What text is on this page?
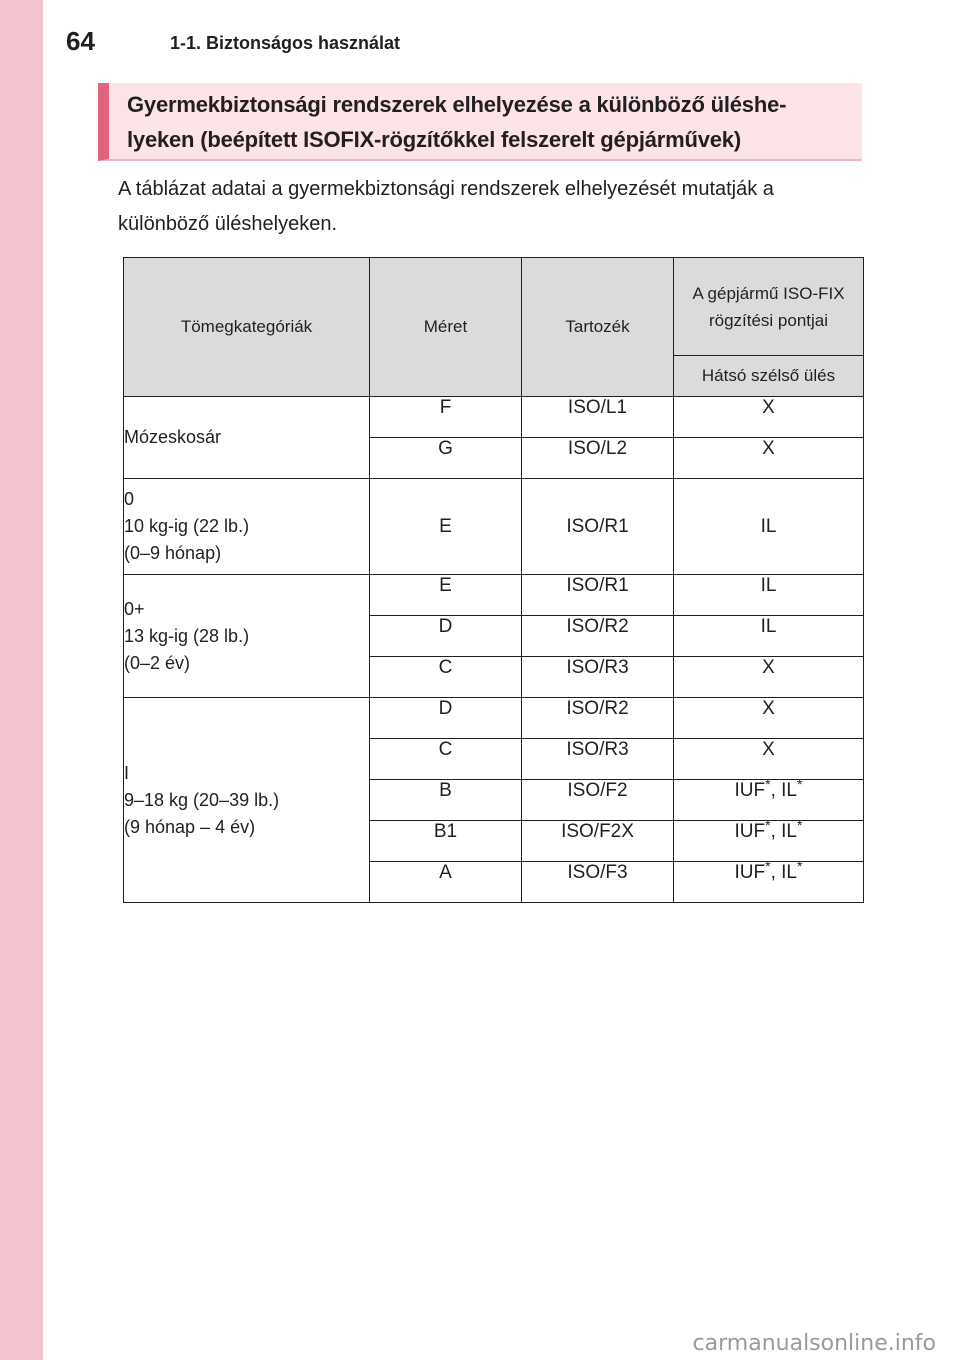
64	1-1. Biztonságos használat
Gyermekbiztonsági rendszerek elhelyezése a különböző üléshe-
lyeken (beépített ISOFIX-rögzítőkkel felszerelt gépjárművek)
A táblázat adatai a gyermekbiztonsági rendszerek elhelyezését mutatják a különböző üléshelyeken.
Tömegkategóriák	Méret	Tartozék	A gépjármű ISO-FIX rögzítési pontjai
			Hátsó szélső ülés
Mózeskosár	F	ISO/L1	X
	G	ISO/L2	X

0
10 kg-ig (22 lb.)
(0–9 hónap)	E	ISO/R1	IL

0+
13 kg-ig (28 lb.)
(0–2 év)	E	ISO/R1	IL
	D	ISO/R2	IL
	C	ISO/R3	X

I
9–18 kg (20–39 lb.)
(9 hónap – 4 év)	D	ISO/R2	X
	C	ISO/R3	X
	B	ISO/F2	IUF*, IL*
	B1	ISO/F2X	IUF*, IL*
	A	ISO/F3	IUF*, IL*
carmanualsonline.info
